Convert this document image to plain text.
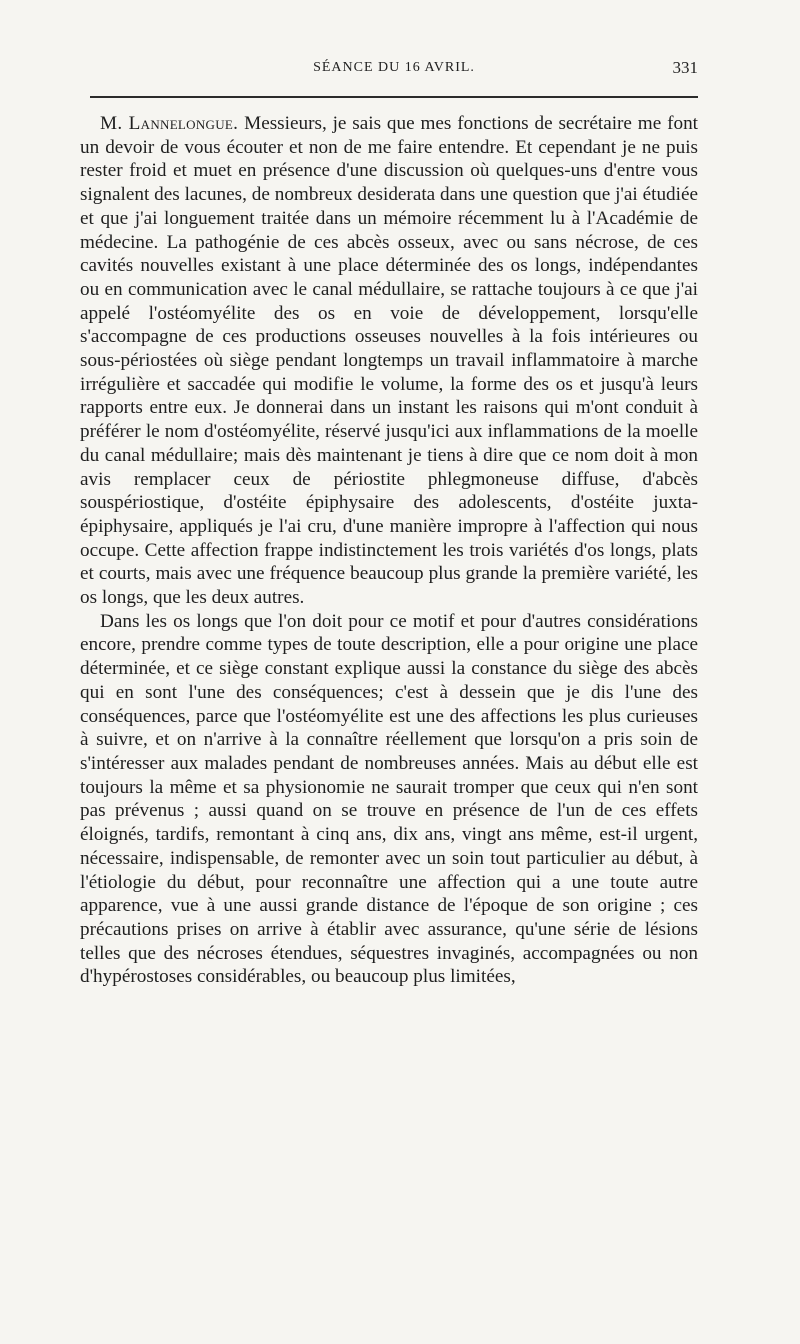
SÉANCE DU 16 AVRIL.	331

M. Lannelongue. Messieurs, je sais que mes fonctions de secrétaire me font un devoir de vous écouter et non de me faire entendre. Et cependant je ne puis rester froid et muet en présence d'une discussion où quelques-uns d'entre vous signalent des lacunes, de nombreux desiderata dans une question que j'ai étudiée et que j'ai longuement traitée dans un mémoire récemment lu à l'Académie de médecine. La pathogénie de ces abcès osseux, avec ou sans nécrose, de ces cavités nouvelles existant à une place déterminée des os longs, indépendantes ou en communication avec le canal médullaire, se rattache toujours à ce que j'ai appelé l'ostéomyélite des os en voie de développement, lorsqu'elle s'accompagne de ces productions osseuses nouvelles à la fois intérieures ou sous-périostées où siège pendant longtemps un travail inflammatoire à marche irrégulière et saccadée qui modifie le volume, la forme des os et jusqu'à leurs rapports entre eux. Je donnerai dans un instant les raisons qui m'ont conduit à préférer le nom d'ostéomyélite, réservé jusqu'ici aux inflammations de la moelle du canal médullaire; mais dès maintenant je tiens à dire que ce nom doit à mon avis remplacer ceux de périostite phlegmoneuse diffuse, d'abcès souspériostique, d'ostéite épiphysaire des adolescents, d'ostéite juxta-épiphysaire, appliqués je l'ai cru, d'une manière impropre à l'affection qui nous occupe. Cette affection frappe indistinctement les trois variétés d'os longs, plats et courts, mais avec une fréquence beaucoup plus grande la première variété, les os longs, que les deux autres.

Dans les os longs que l'on doit pour ce motif et pour d'autres considérations encore, prendre comme types de toute description, elle a pour origine une place déterminée, et ce siège constant explique aussi la constance du siège des abcès qui en sont l'une des conséquences; c'est à dessein que je dis l'une des conséquences, parce que l'ostéomyélite est une des affections les plus curieuses à suivre, et on n'arrive à la connaître réellement que lorsqu'on a pris soin de s'intéresser aux malades pendant de nombreuses années. Mais au début elle est toujours la même et sa physionomie ne saurait tromper que ceux qui n'en sont pas prévenus ; aussi quand on se trouve en présence de l'un de ces effets éloignés, tardifs, remontant à cinq ans, dix ans, vingt ans même, est-il urgent, nécessaire, indispensable, de remonter avec un soin tout particulier au début, à l'étiologie du début, pour reconnaître une affection qui a une toute autre apparence, vue à une aussi grande distance de l'époque de son origine ; ces précautions prises on arrive à établir avec assurance, qu'une série de lésions telles que des nécroses étendues, séquestres invaginés, accompagnées ou non d'hypérostoses considérables, ou beaucoup plus limitées,
